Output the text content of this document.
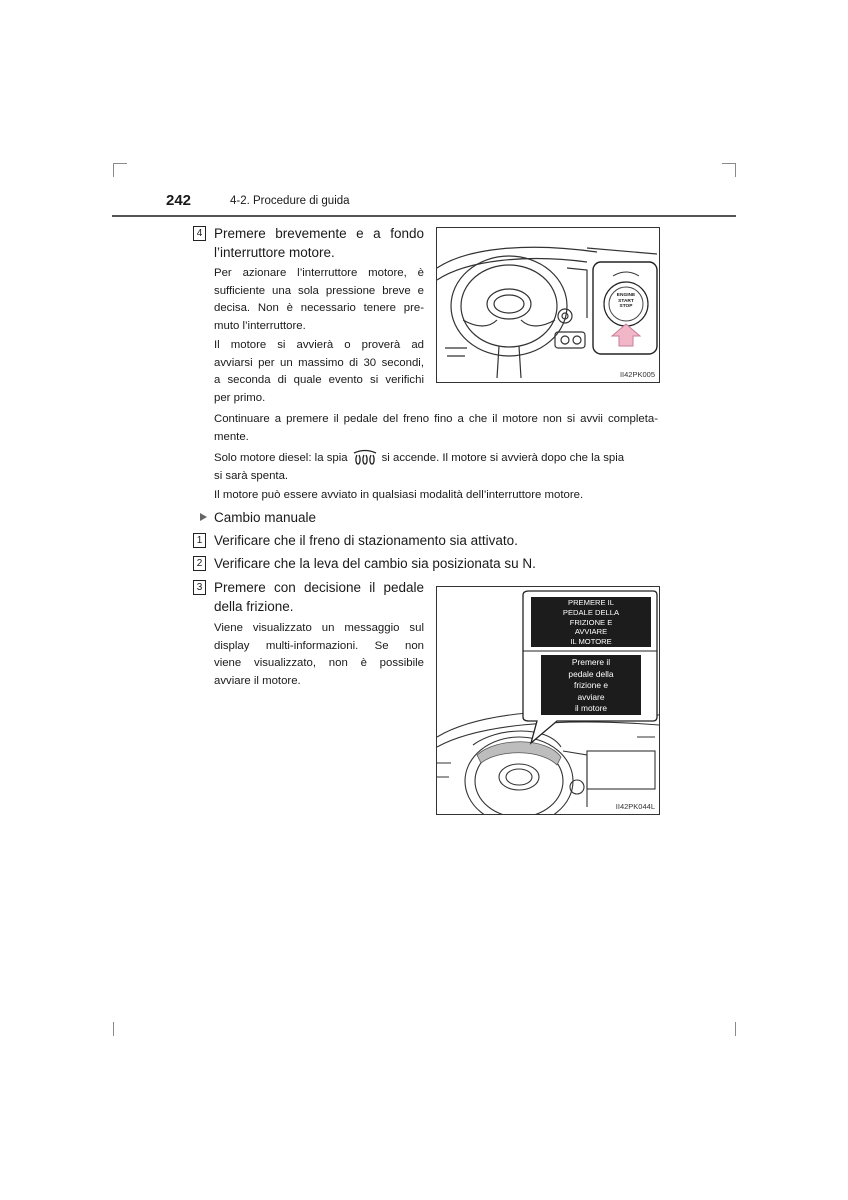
242	4-2. Procedure di guida
4 Premere brevemente e a fondo
l’interruttore motore.
Per azionare l’interruttore motore, è
sufficiente una sola pressione breve e
decisa. Non è necessario tenere pre-
muto l’interruttore.
Il motore si avvierà o proverà ad
avviarsi per un massimo di 30 secondi,
a seconda di quale evento si verifichi
per primo.
ENGINE
START
STOP
II42PK005
Continuare a premere il pedale del freno fino a che il motore non si avvii completa-
mente.
Solo motore diesel: la spia	si accende. Il motore si avvierà dopo che la spia
si sarà spenta.
Il motore può essere avviato in qualsiasi modalità dell’interruttore motore.
Cambio manuale
1 Verificare che il freno di stazionamento sia attivato.
2 Verificare che la leva del cambio sia posizionata su N.
3 Premere con decisione il pedale
della frizione.
Viene visualizzato un messaggio sul
display multi-informazioni. Se non
viene visualizzato, non è possibile
avviare il motore.
PREMERE IL
PEDALE DELLA
FRIZIONE E
AVVIARE
IL MOTORE
Premere il
pedale della
frizione e
avviare
il motore
II42PK044L
